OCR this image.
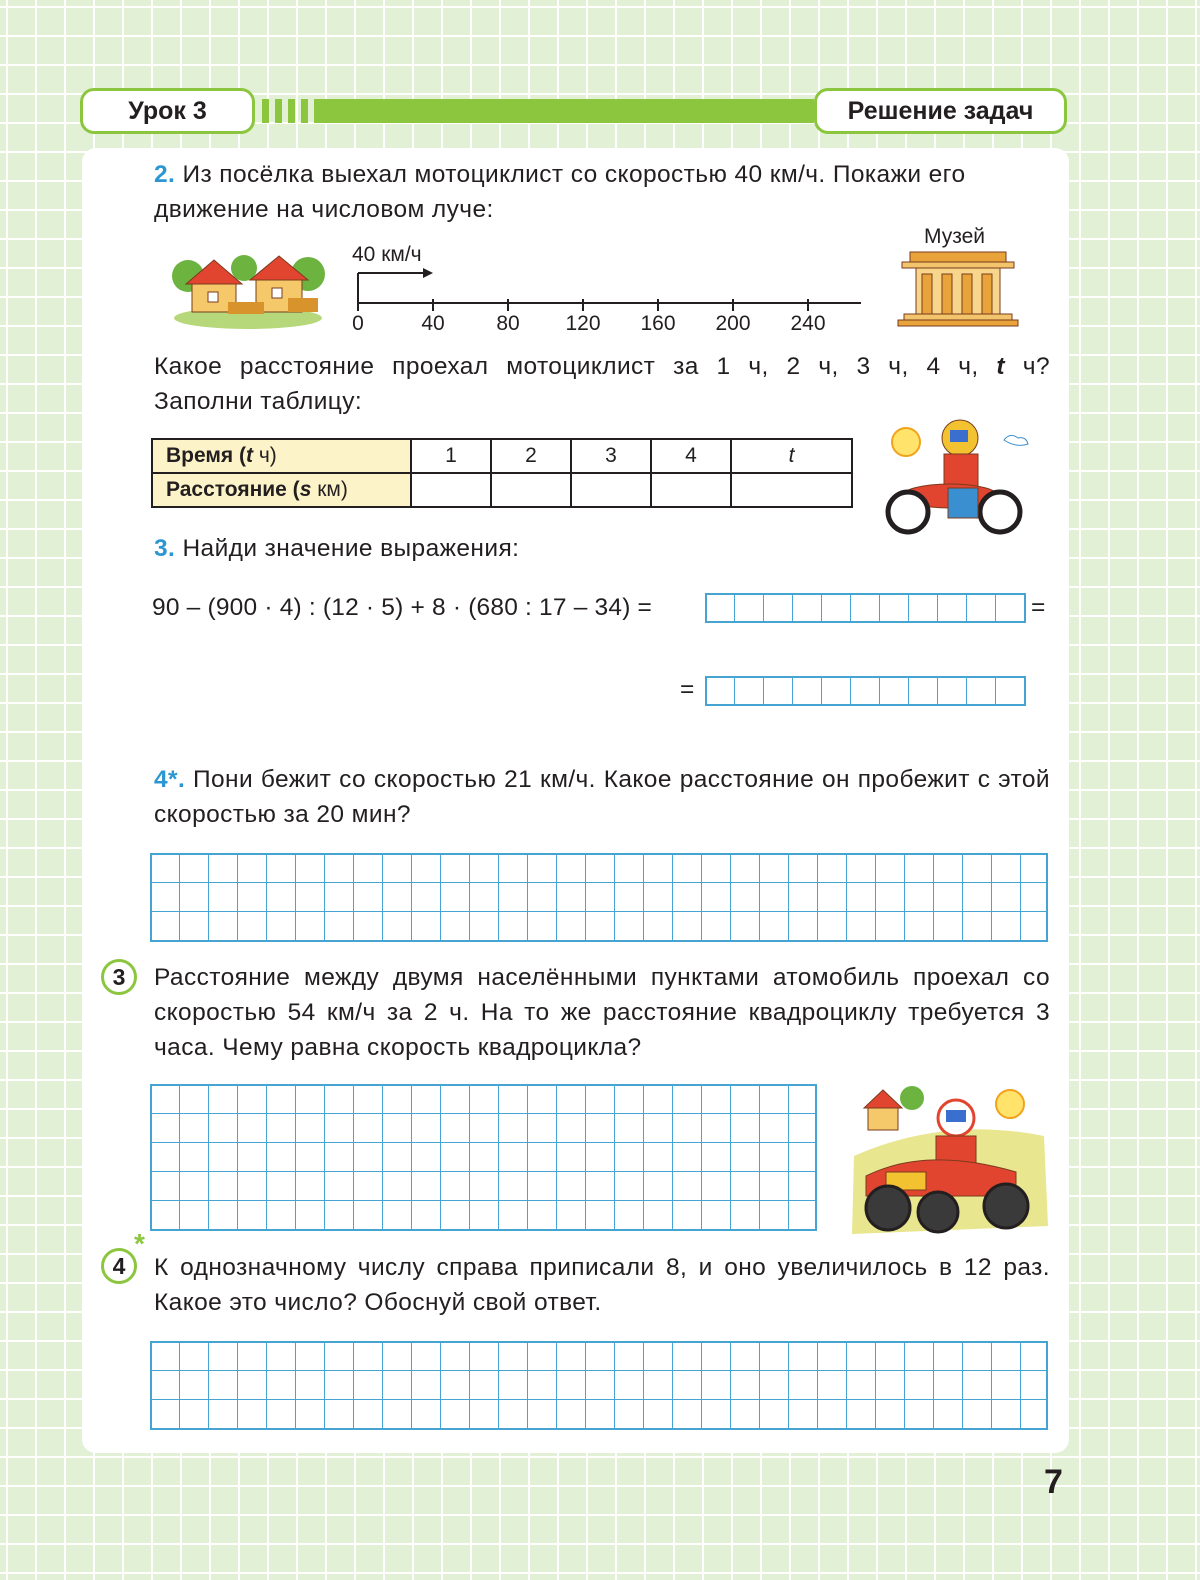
Урок 3	Решение задач
2. Из посёлка выехал мотоциклист со скоростью 40 км/ч. Покажи его движение на числовом луче:
40 км/ч
0	40 80 120 160 200 240
Музей
Какое расстояние проехал мотоциклист за 1 ч, 2 ч, 3 ч, 4 ч, t ч?
Заполни таблицу:
Время (t ч)	1	2	3	4	t
Расстояние (s км)					
3. Найди значение выражения:
90 – (900 · 4) : (12 · 5) + 8 · (680 : 17 – 34) =	=
=
4*. Пони бежит со скоростью 21 км/ч. Какое расстояние он пробежит с этой скоростью за 20 мин?
3	Расстояние между двумя населёнными пунктами атомобиль проехал со скоростью 54 км/ч за 2 ч. На то же расстояние квадроциклу требуется 3 часа. Чему равна скорость квадроцикла?
4
*
К однозначному числу справа приписали 8, и оно увеличилось в 12 раз. Какое это число? Обоснуй свой ответ.
7
